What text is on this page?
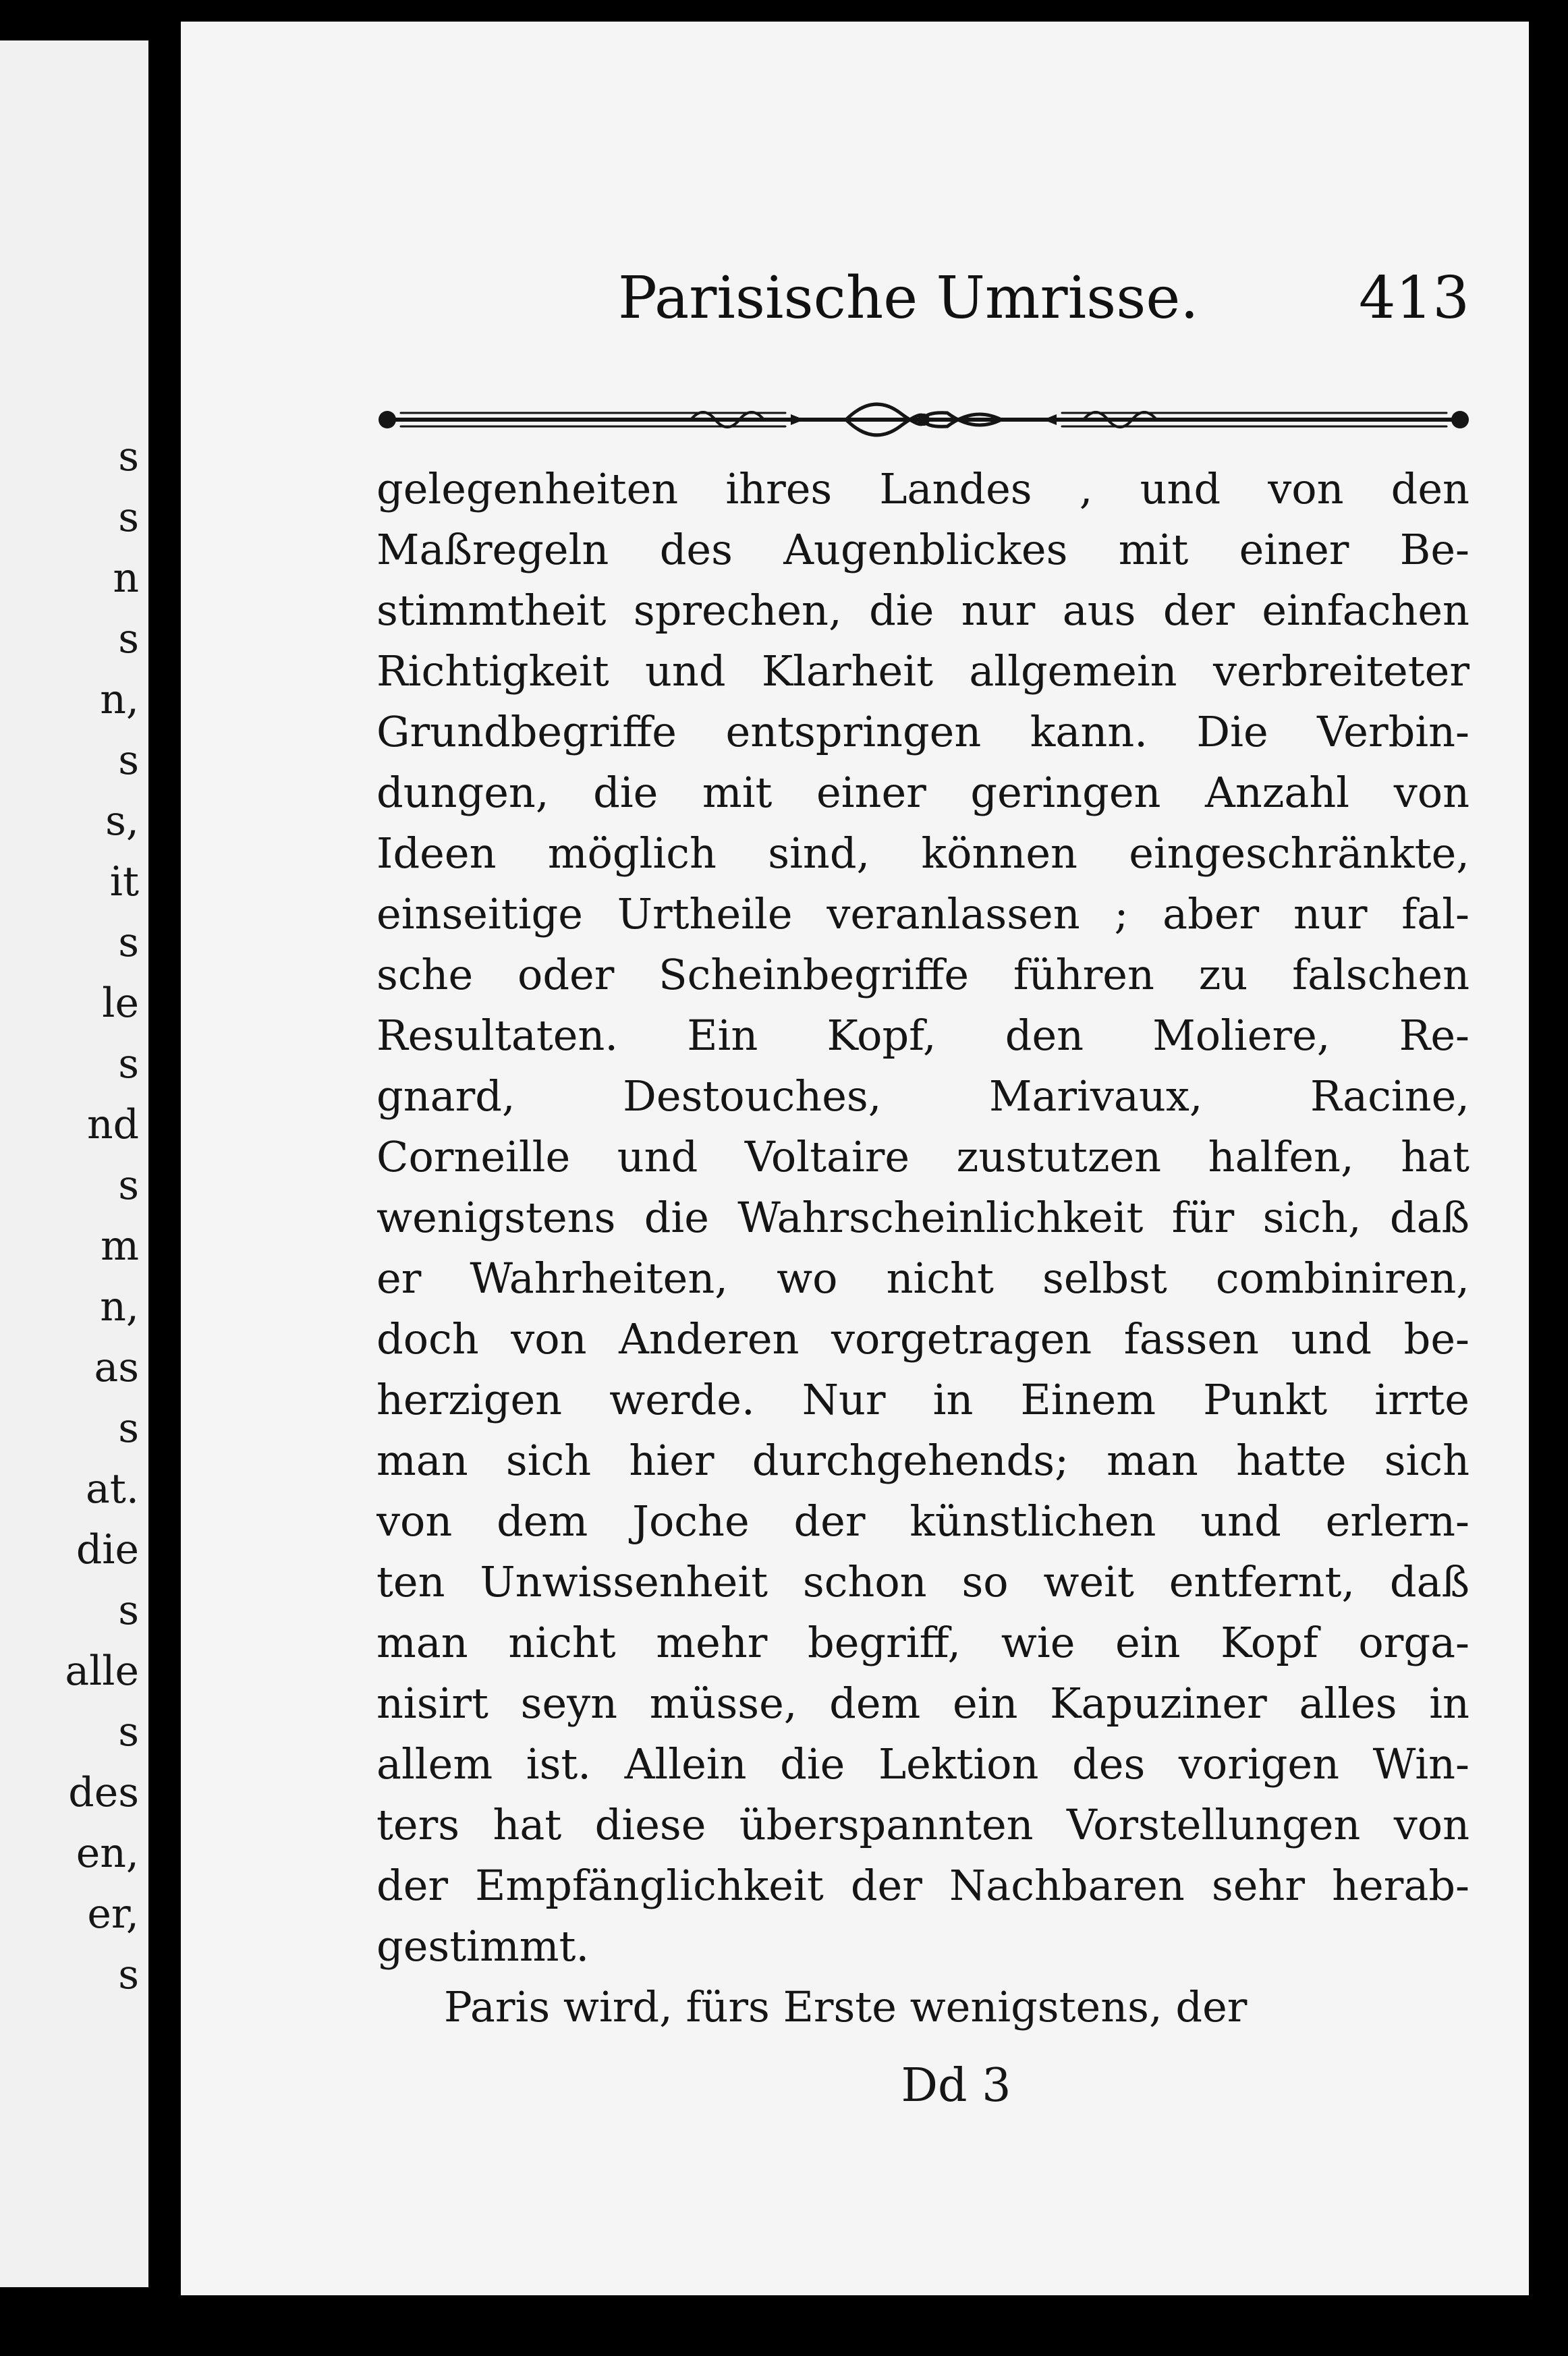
s
s
n
s
n,
s
s,
it
s
le
s
nd
s
m
n,
as
s
at.
die
s
alle
s
des
en,
er,
s
Parisische Umrisse.	413
gelegenheiten ihres Landes , und von den
Maßregeln des Augenblickes mit einer Be-
stimmtheit sprechen, die nur aus der einfachen
Richtigkeit und Klarheit allgemein verbreiteter
Grundbegriffe entspringen kann. Die Verbin-
dungen, die mit einer geringen Anzahl von
Ideen möglich sind, können eingeschränkte,
einseitige Urtheile veranlassen ; aber nur fal-
sche oder Scheinbegriffe führen zu falschen
Resultaten. Ein Kopf, den Moliere, Re-
gnard, Destouches, Marivaux, Racine,
Corneille und Voltaire zustutzen halfen, hat
wenigstens die Wahrscheinlichkeit für sich, daß
er Wahrheiten, wo nicht selbst combiniren,
doch von Anderen vorgetragen fassen und be-
herzigen werde. Nur in Einem Punkt irrte
man sich hier durchgehends; man hatte sich
von dem Joche der künstlichen und erlern-
ten Unwissenheit schon so weit entfernt, daß
man nicht mehr begriff, wie ein Kopf orga-
nisirt seyn müsse, dem ein Kapuziner alles in
allem ist. Allein die Lektion des vorigen Win-
ters hat diese überspannten Vorstellungen von
der Empfänglichkeit der Nachbaren sehr herab-
gestimmt.
Paris wird, fürs Erste wenigstens, der
Dd 3
